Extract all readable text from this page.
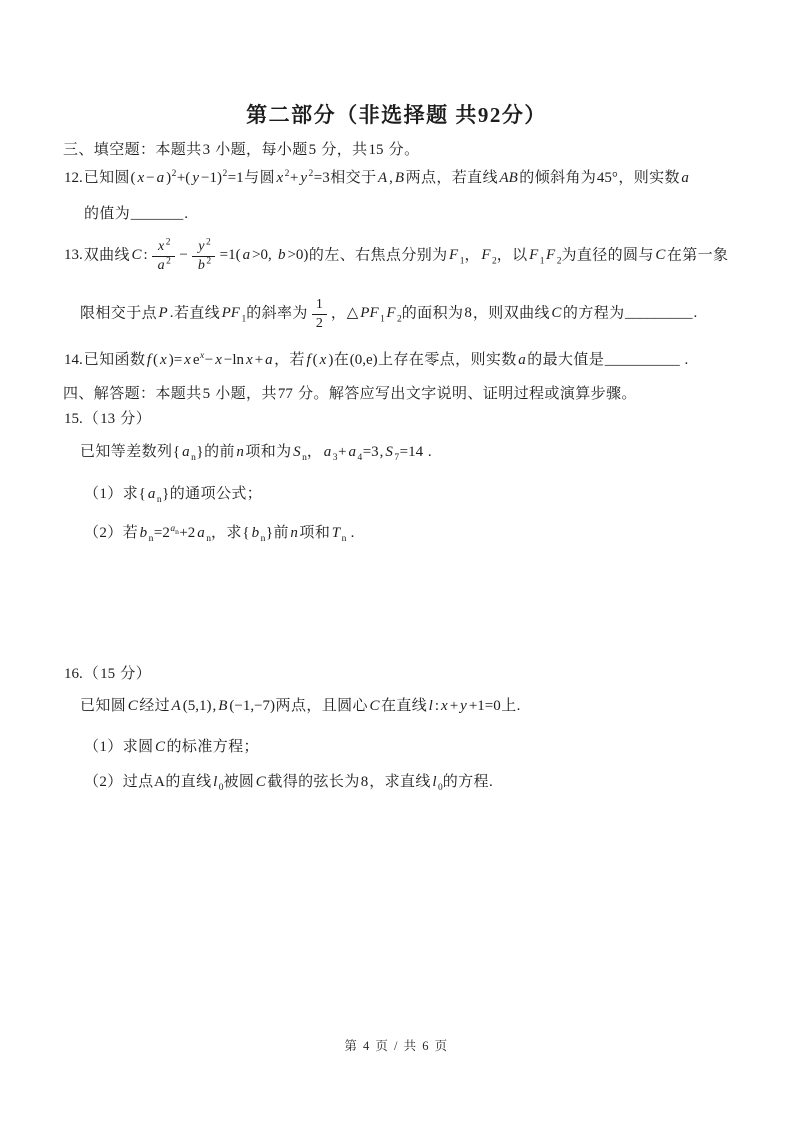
第二部分（非选择题 共92分）
三、填空题：本题共3 小题，每小题5 分，共15 分。
12.已知圆( x − a )$^2$+( y −1)$^2$=1与圆 x $^2$+ y $^2$=3相交于 A , B 两点，若直线 AB 的倾斜角为45°，则实数 a
的值为_______.
13.双曲线 C : $\frac{x ^2}{a ^2} - \frac{y ^2}{b ^2} =1$( a >0, b >0)的左、右焦点分别为 F $_1$， F $_2$，以 F $_1$ F $_2$为直径的圆与 C 在第一象
限相交于点 P .若直线 PF $_1$的斜率为 $\frac{1}{2}$ ，△ PF $_1$ F $_2$的面积为8，则双曲线 C 的方程为_________.
14.已知函数 f ( x )= x $e^x- x -\ln$ x + a ，若 f ( x )在(0,e)上存在零点，则实数 a 的最大值是__________ .
四、解答题：本题共5 小题，共77 分。解答应写出文字说明、证明过程或演算步骤。
15.（13 分）
已知等差数列{ a $_n$}的前 n 项和为 S $_n$， a $_3$+ a $_4$=3, S $_7$=14 .
（1）求{ a $_n$}的通项公式；
（2）若 b $_n=2^{a_n}+2$ a $_n$，求{ b $_n$}前 n 项和 T $_n$ .
16.（15 分）
已知圆 C 经过 A (5,1), B (−1,−7)两点，且圆心 C 在直线 l : x + y +1=0上.
（1）求圆 C 的标准方程；
（2）过点A的直线 l $_0$被圆 C 截得的弦长为8，求直线 l $_0$的方程.
第 4 页 / 共 6 页
